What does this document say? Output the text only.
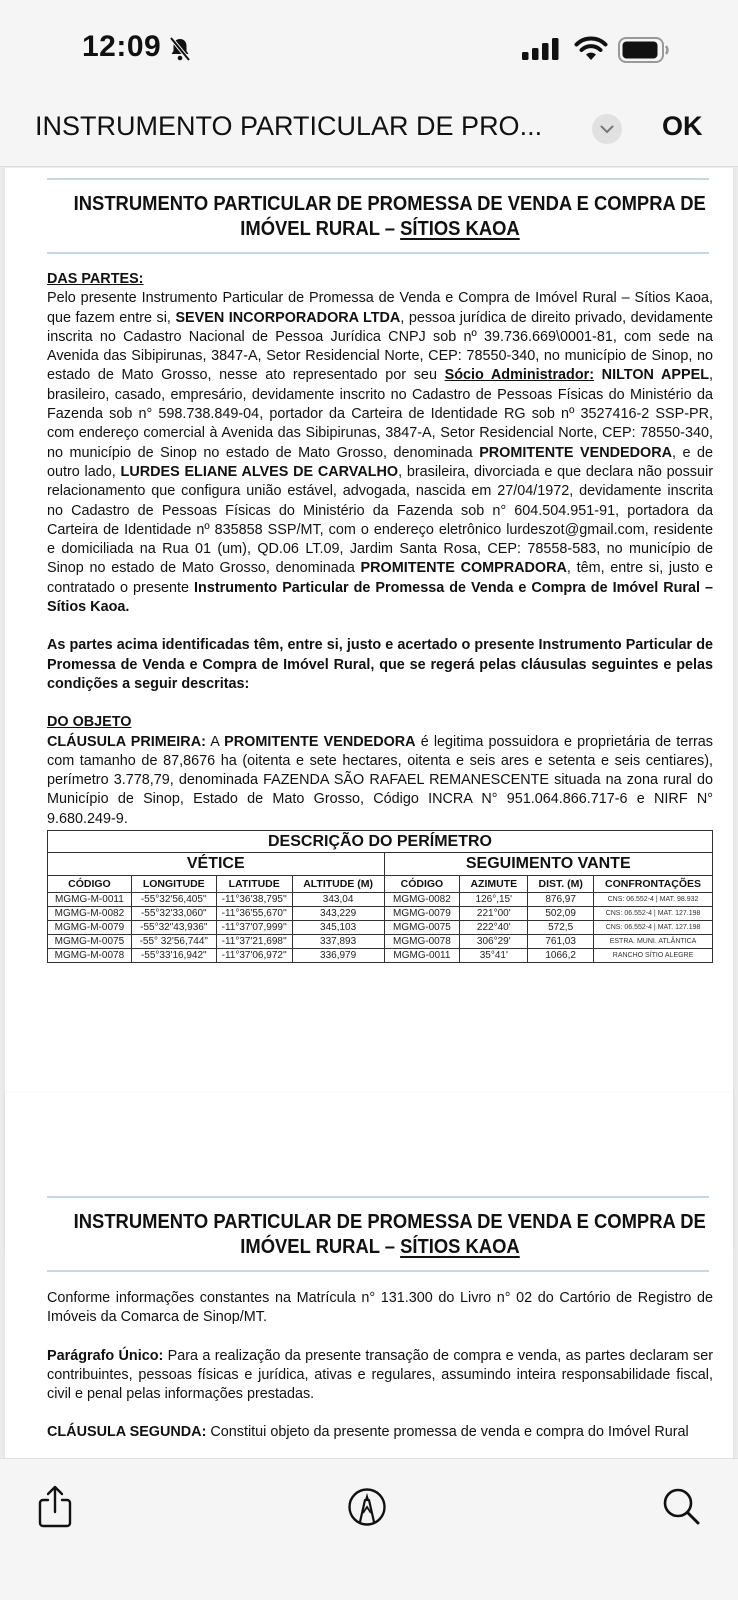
12:09
INSTRUMENTO PARTICULAR DE PRO...	OK
INSTRUMENTO PARTICULAR DE PROMESSA DE VENDA E COMPRA DE
IMÓVEL RURAL – SÍTIOS KAOA
DAS PARTES:

Pelo presente Instrumento Particular de Promessa de Venda e Compra de Imóvel Rural – Sítios Kaoa, que fazem entre si, SEVEN INCORPORADORA LTDA, pessoa jurídica de direito privado, devidamente inscrita no Cadastro Nacional de Pessoa Jurídica CNPJ sob nº 39.736.669\0001-81, com sede na Avenida das Sibipirunas, 3847-A, Setor Residencial Norte, CEP: 78550-340, no município de Sinop, no estado de Mato Grosso, nesse ato representado por seu Sócio Administrador: NILTON APPEL, brasileiro, casado, empresário, devidamente inscrito no Cadastro de Pessoas Físicas do Ministério da Fazenda sob n° 598.738.849-04, portador da Carteira de Identidade RG sob nº 3527416-2 SSP-PR, com endereço comercial à Avenida das Sibipirunas, 3847-A, Setor Residencial Norte, CEP: 78550-340, no município de Sinop no estado de Mato Grosso, denominada PROMITENTE VENDEDORA, e de outro lado, LURDES ELIANE ALVES DE CARVALHO, brasileira, divorciada e que declara não possuir relacionamento que configura união estável, advogada, nascida em 27/04/1972, devidamente inscrita no Cadastro de Pessoas Físicas do Ministério da Fazenda sob n° 604.504.951-91, portadora da Carteira de Identidade nº 835858 SSP/MT, com o endereço eletrônico lurdeszot@gmail.com, residente e domiciliada na Rua 01 (um), QD.06 LT.09, Jardim Santa Rosa, CEP: 78558-583, no município de Sinop no estado de Mato Grosso, denominada PROMITENTE COMPRADORA, têm, entre si, justo e contratado o presente Instrumento Particular de Promessa de Venda e Compra de Imóvel Rural – Sítios Kaoa.

As partes acima identificadas têm, entre si, justo e acertado o presente Instrumento Particular de Promessa de Venda e Compra de Imóvel Rural, que se regerá pelas cláusulas seguintes e pelas condições a seguir descritas:

DO OBJETO

CLÁUSULA PRIMEIRA: A PROMITENTE VENDEDORA é legitima possuidora e proprietária de terras com tamanho de 87,8676 ha (oitenta e sete hectares, oitenta e seis ares e setenta e seis centiares), perímetro 3.778,79, denominada FAZENDA SÃO RAFAEL REMANESCENTE situada na zona rural do Município de Sinop, Estado de Mato Grosso, Código INCRA N° 951.064.866.717-6 e NIRF N° 9.680.249-9.

DESCRIÇÃO DO PERÍMETRO							
VÉTICE				SEGUIMENTO VANTE			
CÓDIGO	LONGITUDE	LATITUDE	ALTITUDE (M)	CÓDIGO	AZIMUTE	DIST. (M)	CONFRONTAÇÕES
MGMG-M-0011	-55°32'56,405''	-11°36'38,795''	343,04	MGMG-0082	126°,15'	876,97	CNS: 06.552-4 | MAT. 98.932
MGMG-M-0082	-55°32'33,060"	-11°36'55,670''	343,229	MGMG-0079	221°00'	502,09	CNS: 06.552-4 | MAT. 127.198
MGMG-M-0079	-55°32"43,936"	-11°37'07,999''	345,103	MGMG-0075	222°40'	572,5	CNS: 06.552-4 | MAT. 127.198
MGMG-M-0075	-55° 32'56,744"	-11°37'21,698''	337,893	MGMG-0078	306°29'	761,03	ESTRA. MUNI. ATLÂNTICA
MGMG-M-0078	-55°33'16,942"	-11°37'06,972''	336,979	MGMG-0011	35°41'	1066,2	RANCHO SÍTIO ALEGRE
INSTRUMENTO PARTICULAR DE PROMESSA DE VENDA E COMPRA DE
IMÓVEL RURAL – SÍTIOS KAOA

Conforme informações constantes na Matrícula n° 131.300 do Livro n° 02 do Cartório de Registro de Imóveis da Comarca de Sinop/MT.

Parágrafo Único: Para a realização da presente transação de compra e venda, as partes declaram ser contribuintes, pessoas físicas e jurídica, ativas e regulares, assumindo inteira responsabilidade fiscal, civil e penal pelas informações prestadas.

CLÁUSULA SEGUNDA: Constitui objeto da presente promessa de venda e compra do Imóvel Rural
